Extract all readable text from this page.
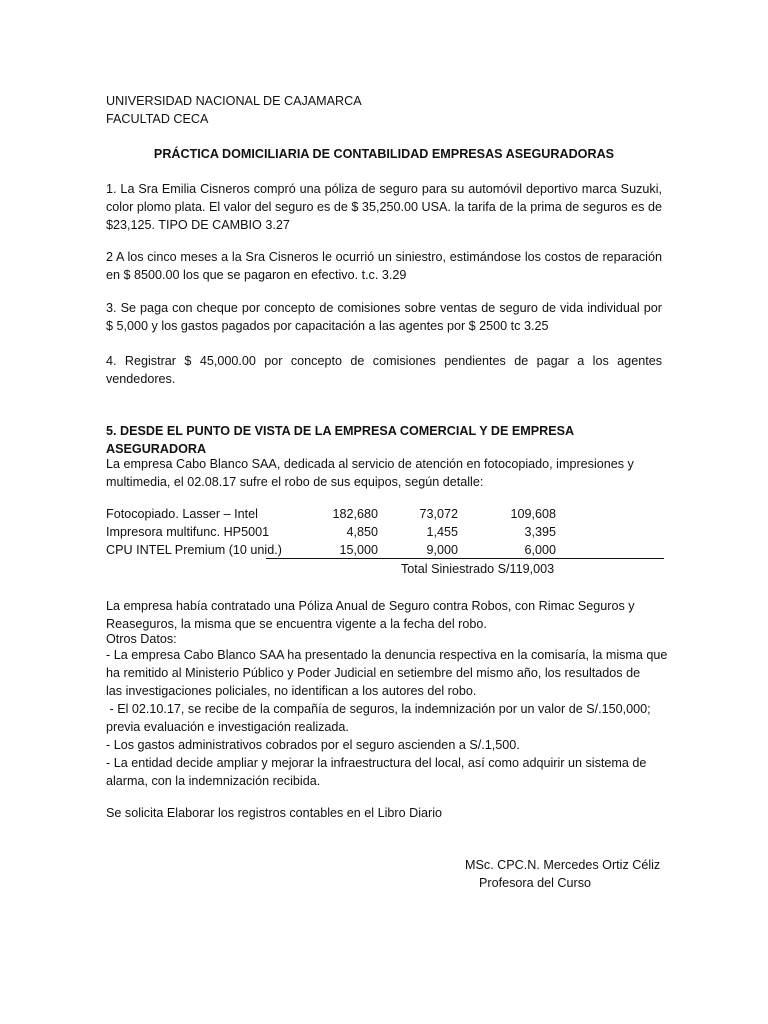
UNIVERSIDAD NACIONAL DE CAJAMARCA
FACULTAD CECA
PRÁCTICA DOMICILIARIA DE CONTABILIDAD EMPRESAS ASEGURADORAS
1. La Sra Emilia Cisneros compró una póliza de seguro para su automóvil deportivo marca Suzuki, color plomo plata. El valor del seguro es de $ 35,250.00 USA. la tarifa de la prima de seguros es de $23,125. TIPO DE CAMBIO 3.27
2 A los cinco meses a la Sra Cisneros le ocurrió un siniestro, estimándose los costos de reparación en $ 8500.00 los que se pagaron en efectivo. t.c. 3.29
3. Se paga con cheque por concepto de comisiones sobre ventas de seguro de vida individual por $ 5,000 y los gastos pagados por capacitación a las agentes por $ 2500 tc 3.25
4. Registrar $ 45,000.00 por concepto de comisiones pendientes de pagar a los agentes vendedores.
5. DESDE EL PUNTO DE VISTA DE LA EMPRESA COMERCIAL Y DE EMPRESA ASEGURADORA
La empresa Cabo Blanco SAA, dedicada al servicio de atención en fotocopiado, impresiones y multimedia, el 02.08.17 sufre el robo de sus equipos, según detalle:
Fotocopiado. Lasser – Intel	182,680	73,072	109,608
Impresora multifunc. HP5001	4,850	1,455	3,395
CPU INTEL Premium (10 unid.)	15,000	9,000	6,000
Total Siniestrado S/119,003
La empresa había contratado una Póliza Anual de Seguro contra Robos, con Rimac Seguros y Reaseguros, la misma que se encuentra vigente a la fecha del robo.
Otros Datos:
- La empresa Cabo Blanco SAA ha presentado la denuncia respectiva en la comisaría, la misma que
ha remitido al Ministerio Público y Poder Judicial en setiembre del mismo año, los resultados de
las investigaciones policiales, no identifican a los autores del robo.
- El 02.10.17, se recibe de la compañía de seguros, la indemnización por un valor de S/.150,000;
previa evaluación e investigación realizada.
- Los gastos administrativos cobrados por el seguro ascienden a S/.1,500.
- La entidad decide ampliar y mejorar la infraestructura del local, así como adquirir un sistema de
alarma, con la indemnización recibida.
Se solicita Elaborar los registros contables en el Libro Diario
MSc. CPC.N. Mercedes Ortiz Céliz
Profesora del Curso
